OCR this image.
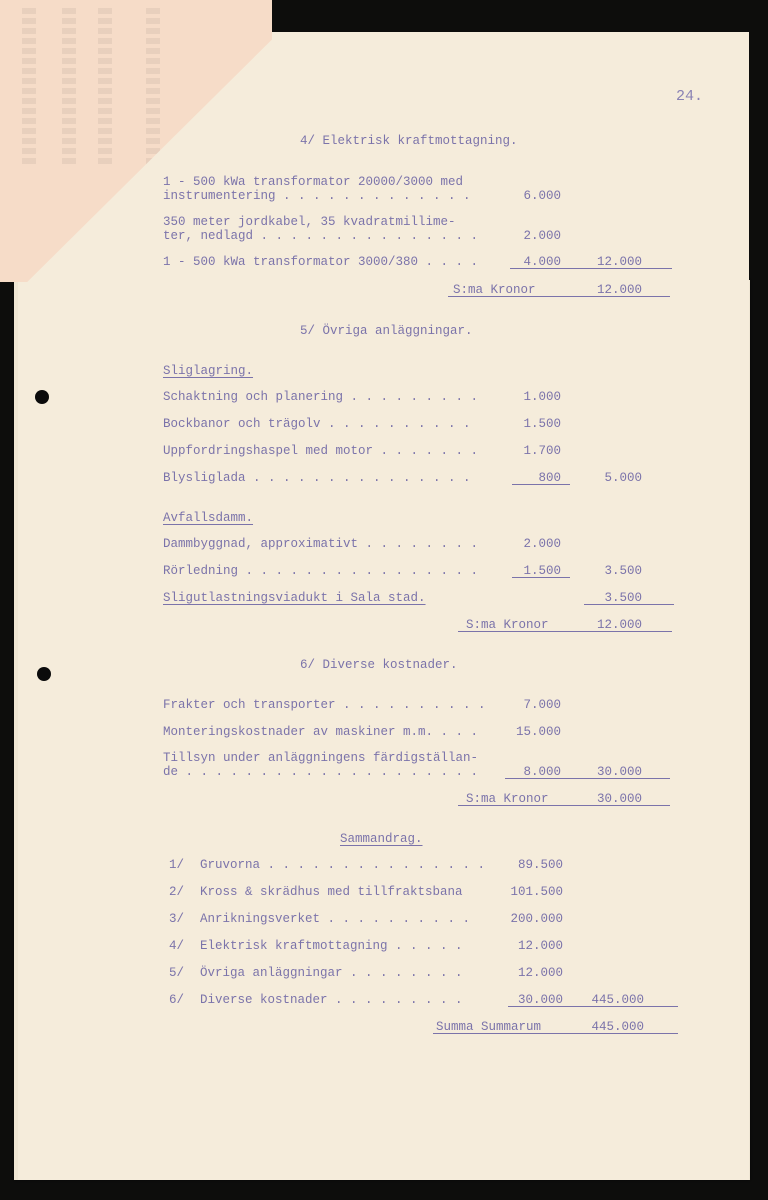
24.
4/ Elektrisk kraftmottagning.
1 - 500 kWa transformator 20000/3000 med
instrumentering . . . . . . . . . . . . .	6.000
350 meter jordkabel, 35 kvadratmillime-
ter, nedlagd . . . . . . . . . . . . . . .	2.000
1 - 500 kWa transformator 3000/380 . . . .	4.000	12.000
S:ma Kronor	12.000
5/ Övriga anläggningar.
Sliglagring.
Schaktning och planering . . . . . . . . .	1.000
Bockbanor och trägolv . . . . . . . . . .	1.500
Uppfordringshaspel med motor . . . . . . .	1.700
Blysliglada . . . . . . . . . . . . . . .	800	5.000
Avfallsdamm.
Dammbyggnad, approximativt . . . . . . . .	2.000
Rörledning . . . . . . . . . . . . . . . .	1.500	3.500
Sligutlastningsviadukt i Sala stad.	3.500
S:ma Kronor	12.000
6/ Diverse kostnader.
Frakter och transporter . . . . . . . . . .	7.000
Monteringskostnader av maskiner m.m. . . .	15.000
Tillsyn under anläggningens färdigställan-
de . . . . . . . . . . . . . . . . . . . .	8.000	30.000
S:ma Kronor	30.000
Sammandrag.
1/ Gruvorna . . . . . . . . . . . . . . .	89.500
2/ Kross & skrädhus med tillfraktsbana	101.500
3/ Anrikningsverket . . . . . . . . . .	200.000
4/ Elektrisk kraftmottagning . . . . .	12.000
5/ Övriga anläggningar . . . . . . . .	12.000
6/ Diverse kostnader . . . . . . . . .	30.000	445.000
Summa Summarum	445.000
